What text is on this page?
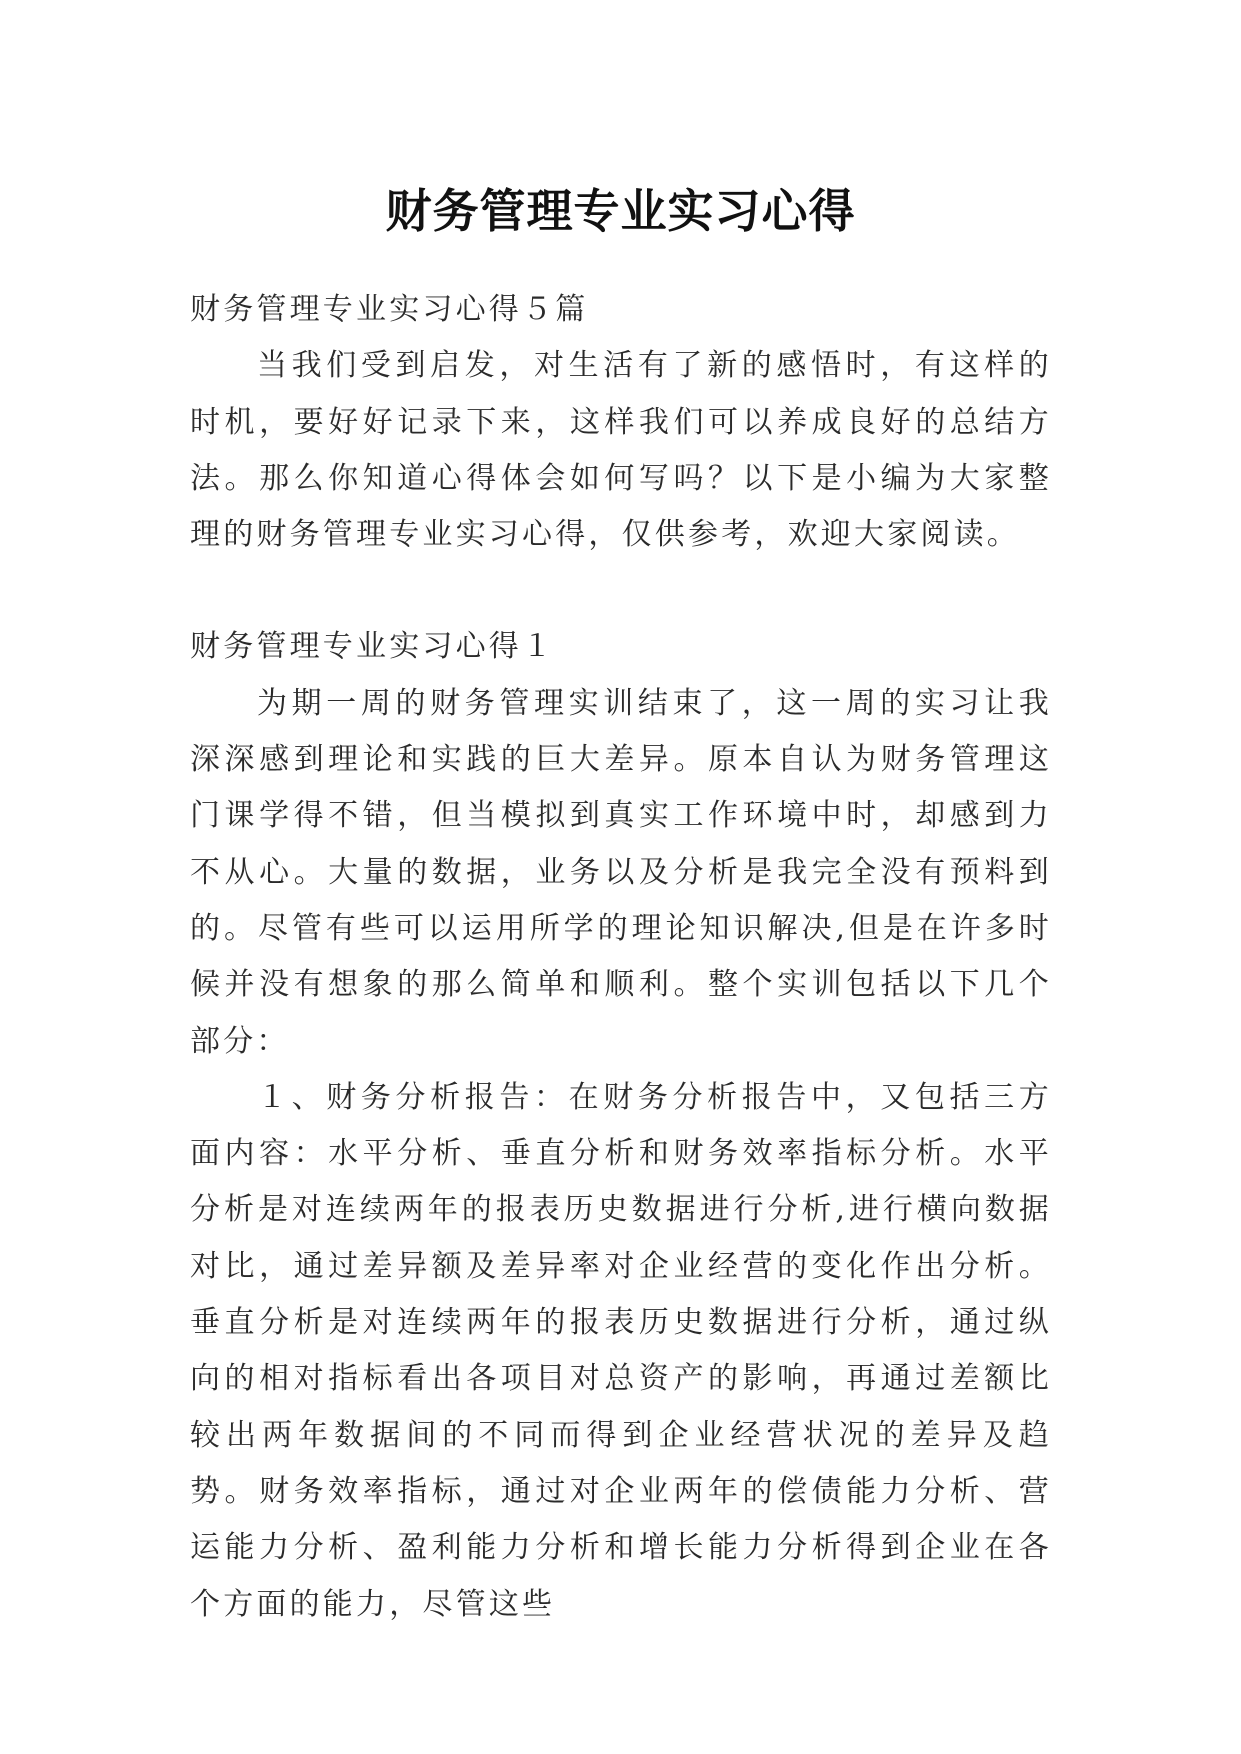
财务管理专业实习心得

财务管理专业实习心得５篇

当我们受到启发，对生活有了新的感悟时，有这样的时机，要好好记录下来，这样我们可以养成良好的总结方法。那么你知道心得体会如何写吗？以下是小编为大家整理的财务管理专业实习心得，仅供参考，欢迎大家阅读。

财务管理专业实习心得１

为期一周的财务管理实训结束了，这一周的实习让我深深感到理论和实践的巨大差异。原本自认为财务管理这门课学得不错，但当模拟到真实工作环境中时，却感到力不从心。大量的数据，业务以及分析是我完全没有预料到的。尽管有些可以运用所学的理论知识解决,但是在许多时候并没有想象的那么简单和顺利。整个实训包括以下几个部分：

１、财务分析报告：在财务分析报告中，又包括三方面内容：水平分析、垂直分析和财务效率指标分析。水平分析是对连续两年的报表历史数据进行分析,进行横向数据对比，通过差异额及差异率对企业经营的变化作出分析。垂直分析是对连续两年的报表历史数据进行分析，通过纵向的相对指标看出各项目对总资产的影响，再通过差额比较出两年数据间的不同而得到企业经营状况的差异及趋势。财务效率指标，通过对企业两年的偿债能力分析、营运能力分析、盈利能力分析和增长能力分析得到企业在各个方面的能力，尽管这些
